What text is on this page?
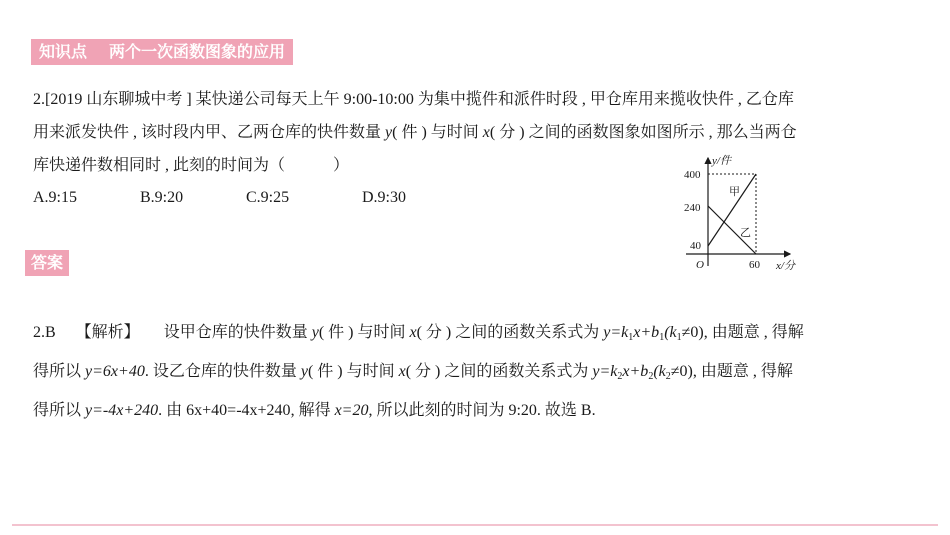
知识点 两个一次函数图象的应用
2.[2019 山东聊城中考 ] 某快递公司每天上午 9:00-10:00 为集中揽件和派件时段 , 甲仓库用来揽收快件 , 乙仓库
用来派发快件 , 该时段内甲、乙两仓库的快件数量 y( 件 ) 与时间 x( 分 ) 之间的函数图象如图所示 , 那么当两仓
库快递件数相同时 , 此刻的时间为（　　　）
A.9:15	B.9:20	C.9:25	D.9:30
y/件
x/分
O
400
240
40
60
甲
乙
答案
2.B 【解析】 设甲仓库的快件数量 y( 件 ) 与时间 x( 分 ) 之间的函数关系式为 $y=k_1x+b_1(k_1\ne 0)$, 由题意 , 得解
得所以 y=6x+40. 设乙仓库的快件数量 y( 件 ) 与时间 x( 分 ) 之间的函数关系式为 $y=k_2x+b_2(k_2\ne 0)$, 由题意 , 得解
得所以 y=-4x+240. 由 6x+40=-4x+240, 解得 x=20, 所以此刻的时间为 9:20. 故选 B.
